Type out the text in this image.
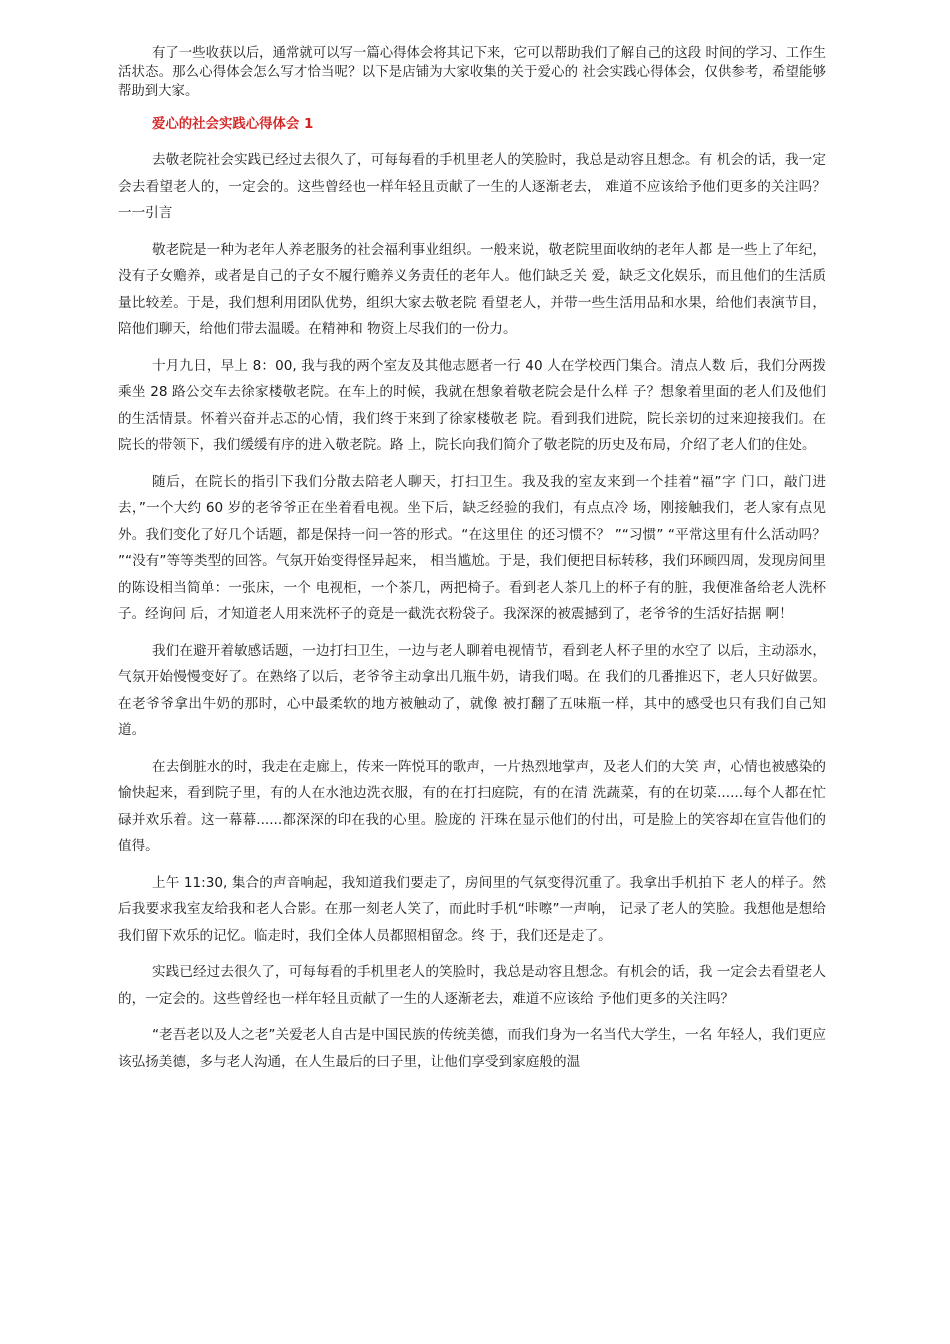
有了一些收获以后，通常就可以写一篇心得体会将其记下来，它可以帮助我们了解自己的这段 时间的学习、工作生活状态。那么心得体会怎么写才恰当呢？以下是店铺为大家收集的关于爱心的 社会实践心得体会，仅供参考，希望能够帮助到大家。

爱心的社会实践心得体会 1

去敬老院社会实践已经过去很久了，可每每看的手机里老人的笑脸时，我总是动容且想念。有 机会的话，我一定会去看望老人的，一定会的。这些曾经也一样年轻且贡献了一生的人逐渐老去， 难道不应该给予他们更多的关注吗？一一引言

敬老院是一种为老年人养老服务的社会福利事业组织。一般来说，敬老院里面收纳的老年人都 是一些上了年纪，没有子女赡养，或者是自己的子女不履行赡养义务责任的老年人。他们缺乏关 爱，缺乏文化娱乐，而且他们的生活质量比较差。于是，我们想利用团队优势，组织大家去敬老院 看望老人，并带一些生活用品和水果，给他们表演节目，陪他们聊天，给他们带去温暖。在精神和 物资上尽我们的一份力。

十月九日，早上 8：00, 我与我的两个室友及其他志愿者一行 40 人在学校西门集合。清点人数 后，我们分两拨乘坐 28 路公交车去徐家楼敬老院。在车上的时候，我就在想象着敬老院会是什么样 子？想象着里面的老人们及他们的生活情景。怀着兴奋并忐忑的心情，我们终于来到了徐家楼敬老 院。看到我们进院，院长亲切的过来迎接我们。在院长的带领下，我们缓缓有序的进入敬老院。路 上，院长向我们简介了敬老院的历史及布局，介绍了老人们的住处。

随后，在院长的指引下我们分散去陪老人聊天，打扫卫生。我及我的室友来到一个挂着“福”字 门口，敲门进去，”一个大约 60 岁的老爷爷正在坐着看电视。坐下后，缺乏经验的我们，有点点冷 场，刚接触我们，老人家有点见外。我们变化了好几个话题，都是保持一问一答的形式。“在这里住 的还习惯不？ ”“习惯” “平常这里有什么活动吗？ ”“没有”等等类型的回答。气氛开始变得怪异起来， 相当尴尬。于是，我们便把目标转移，我们环顾四周，发现房间里的陈设相当简单：一张床，一个 电视柜，一个茶几，两把椅子。看到老人茶几上的杯子有的脏，我便准备给老人洗杯子。经询问 后，才知道老人用来洗杯子的竟是一截洗衣粉袋子。我深深的被震撼到了，老爷爷的生活好拮据 啊！

我们在避开着敏感话题，一边打扫卫生，一边与老人聊着电视情节，看到老人杯子里的水空了 以后，主动添水，气氛开始慢慢变好了。在熟络了以后，老爷爷主动拿出几瓶牛奶，请我们喝。在 我们的几番推迟下，老人只好做罢。在老爷爷拿出牛奶的那时，心中最柔软的地方被触动了，就像 被打翻了五味瓶一样，其中的感受也只有我们自己知道。

在去倒脏水的时，我走在走廊上，传来一阵悦耳的歌声，一片热烈地掌声，及老人们的大笑 声，心情也被感染的愉快起来，看到院子里，有的人在水池边洗衣服，有的在打扫庭院，有的在清 洗蔬菜，有的在切菜......每个人都在忙碌并欢乐着。这一幕幕......都深深的印在我的心里。脸庞的 汗珠在显示他们的付出，可是脸上的笑容却在宣告他们的值得。

上午 11:30, 集合的声音响起，我知道我们要走了，房间里的气氛变得沉重了。我拿出手机拍下 老人的样子。然后我要求我室友给我和老人合影。在那一刻老人笑了，而此时手机“咔嚓”一声响， 记录了老人的笑脸。我想他是想给我们留下欢乐的记忆。临走时，我们全体人员都照相留念。终 于，我们还是走了。

实践已经过去很久了，可每每看的手机里老人的笑脸时，我总是动容且想念。有机会的话，我 一定会去看望老人的，一定会的。这些曾经也一样年轻且贡献了一生的人逐渐老去，难道不应该给 予他们更多的关注吗？

“老吾老以及人之老”关爱老人自古是中国民族的传统美德，而我们身为一名当代大学生，一名 年轻人，我们更应该弘扬美德，多与老人沟通，在人生最后的曰子里，让他们享受到家庭般的温
